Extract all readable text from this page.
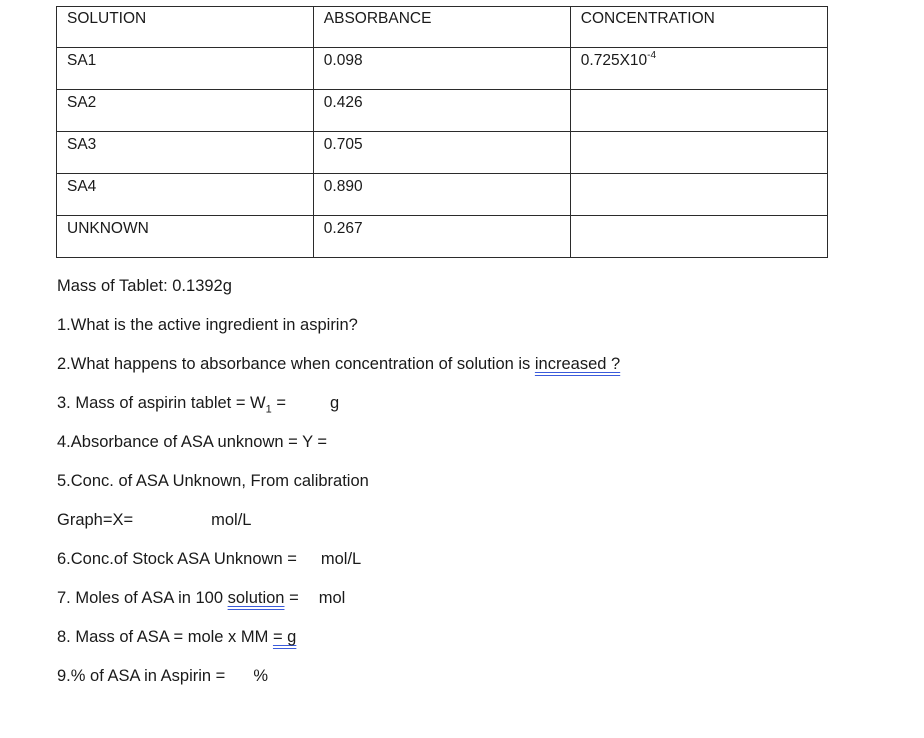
SOLUTION	ABSORBANCE	CONCENTRATION
SA1	0.098	$0.725X10^{-4}$
SA2	0.426	
SA3	0.705	
SA4	0.890	
UNKNOWN	0.267	
Mass of Tablet: 0.1392g
1.What is the active ingredient in aspirin?
2.What happens to absorbance when concentration of solution is increased ?
3. Mass of aspirin tablet = $W_1$ =	g
4.Absorbance of ASA unknown = Y =
5.Conc. of ASA Unknown, From calibration
Graph=X=	mol/L
6.Conc.of Stock ASA Unknown = mol/L
7. Moles of ASA in 100 solution = mol
8. Mass of ASA = mole x MM = g
9.% of ASA in Aspirin = %
